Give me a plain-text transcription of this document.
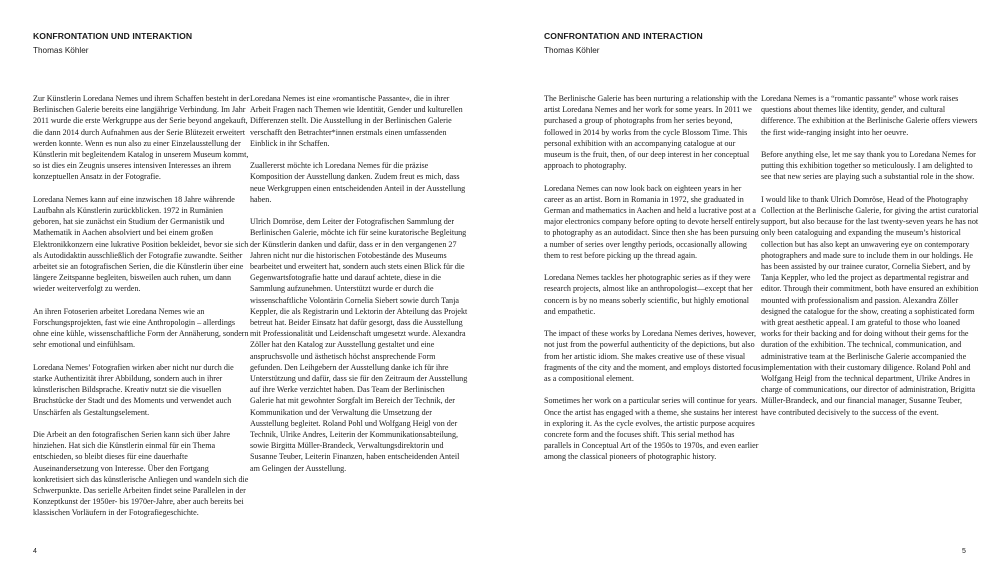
KONFRONTATION UND INTERAKTION
Thomas Köhler

Zur Künstlerin Loredana Nemes und ihrem Schaffen besteht in der Berlinischen Galerie bereits eine langjährige Verbindung. Im Jahr 2011 wurde die erste Werkgruppe aus der Serie beyond angekauft, die dann 2014 durch Aufnahmen aus der Serie Blütezeit erweitert werden konnte. Wenn es nun also zu einer Einzelausstellung der Künstlerin mit begleitendem Katalog in unserem Museum kommt, so ist dies ein Zeugnis unseres intensiven Interesses an ihrem konzeptuellen Ansatz in der Fotografie.

Loredana Nemes kann auf eine inzwischen 18 Jahre währende Laufbahn als Künstlerin zurückblicken. 1972 in Rumänien geboren, hat sie zunächst ein Studium der Germanistik und Mathematik in Aachen absolviert und bei einem großen Elektronikkonzern eine lukrative Position bekleidet, bevor sie sich als Autodidaktin ausschließlich der Fotografie zuwandte. Seither arbeitet sie an fotografischen Serien, die die Künstlerin über eine längere Zeitspanne begleiten, bisweilen auch ruhen, um dann wieder weiterverfolgt zu werden.

An ihren Fotoserien arbeitet Loredana Nemes wie an Forschungsprojekten, fast wie eine Anthropologin – allerdings ohne eine kühle, wissenschaftliche Form der Annäherung, sondern sehr emotional und einfühlsam.

Loredana Nemes’ Fotografien wirken aber nicht nur durch die starke Authentizität ihrer Abbildung, sondern auch in ihrer künstlerischen Bildsprache. Kreativ nutzt sie die visuellen Bruchstücke der Stadt und des Moments und verwendet auch Unschärfen als Gestaltungselement.

Die Arbeit an den fotografischen Serien kann sich über Jahre hinziehen. Hat sich die Künstlerin einmal für ein Thema entschieden, so bleibt dieses für eine dauerhafte Auseinandersetzung von Interesse. Über den Fortgang konkretisiert sich das künstlerische Anliegen und wandeln sich die Schwerpunkte. Das serielle Arbeiten findet seine Parallelen in der Konzeptkunst der 1950er- bis 1970er-Jahre, aber auch bereits bei klassischen Vorläufern in der Fotografiegeschichte.

Loredana Nemes ist eine »romantische Passante«, die in ihrer Arbeit Fragen nach Themen wie Identität, Gender und kulturellen Differenzen stellt. Die Ausstellung in der Berlinischen Galerie verschafft den Betrachter*innen erstmals einen umfassenden Einblick in ihr Schaffen.

Zuallererst möchte ich Loredana Nemes für die präzise Komposition der Ausstellung danken. Zudem freut es mich, dass neue Werkgruppen einen entscheidenden Anteil in der Ausstellung haben.

Ulrich Domröse, dem Leiter der Fotografischen Sammlung der Berlinischen Galerie, möchte ich für seine kuratorische Begleitung der Künstlerin danken und dafür, dass er in den vergangenen 27 Jahren nicht nur die historischen Fotobestände des Museums bearbeitet und erweitert hat, sondern auch stets einen Blick für die Gegenwartsfotografie hatte und darauf achtete, diese in die Sammlung aufzunehmen. Unterstützt wurde er durch die wissenschaftliche Volontärin Cornelia Siebert sowie durch Tanja Keppler, die als Registrarin und Lektorin der Abteilung das Projekt betreut hat. Beider Einsatz hat dafür gesorgt, dass die Ausstellung mit Professionalität und Leidenschaft umgesetzt wurde. Alexandra Zöller hat den Katalog zur Ausstellung gestaltet und eine anspruchsvolle und ästhetisch höchst ansprechende Form gefunden. Den Leihgebern der Ausstellung danke ich für ihre Unterstützung und dafür, dass sie für den Zeitraum der Ausstellung auf ihre Werke verzichtet haben. Das Team der Berlinischen Galerie hat mit gewohnter Sorgfalt im Bereich der Technik, der Kommunikation und der Verwaltung die Umsetzung der Ausstellung begleitet. Roland Pohl und Wolfgang Heigl von der Technik, Ulrike Andres, Leiterin der Kommunikationsabteilung, sowie Birgitta Müller-Brandeck, Verwaltungsdirektorin und Susanne Teuber, Leiterin Finanzen, haben entscheidenden Anteil am Gelingen der Ausstellung.

4
CONFRONTATION AND INTERACTION
Thomas Köhler

The Berlinische Galerie has been nurturing a relationship with the artist Loredana Nemes and her work for some years. In 2011 we purchased a group of photographs from her series beyond, followed in 2014 by works from the cycle Blossom Time. This personal exhibition with an accompanying catalogue at our museum is the fruit, then, of our deep interest in her conceptual approach to photography.

Loredana Nemes can now look back on eighteen years in her career as an artist. Born in Romania in 1972, she graduated in German and mathematics in Aachen and held a lucrative post at a major electronics company before opting to devote herself entirely to photography as an autodidact. Since then she has been pursuing a number of series over lengthy periods, occasionally allowing them to rest before picking up the thread again.

Loredana Nemes tackles her photographic series as if they were research projects, almost like an anthropologist—except that her concern is by no means soberly scientific, but highly emotional and empathetic.

The impact of these works by Loredana Nemes derives, however, not just from the powerful authenticity of the depictions, but also from her artistic idiom. She makes creative use of these visual fragments of the city and the moment, and employs distorted focus as a compositional element.

Sometimes her work on a particular series will continue for years. Once the artist has engaged with a theme, she sustains her interest in exploring it. As the cycle evolves, the artistic purpose acquires concrete form and the focuses shift. This serial method has parallels in Conceptual Art of the 1950s to 1970s, and even earlier among the classical pioneers of photographic history.

Loredana Nemes is a “romantic passante” whose work raises questions about themes like identity, gender, and cultural difference. The exhibition at the Berlinische Galerie offers viewers the first wide-ranging insight into her oeuvre.

Before anything else, let me say thank you to Loredana Nemes for putting this exhibition together so meticulously. I am delighted to see that new series are playing such a substantial role in the show.

I would like to thank Ulrich Domröse, Head of the Photography Collection at the Berlinische Galerie, for giving the artist curatorial support, but also because for the last twenty-seven years he has not only been cataloguing and expanding the museum’s historical collection but has also kept an unwavering eye on contemporary photographers and made sure to include them in our holdings. He has been assisted by our trainee curator, Cornelia Siebert, and by Tanja Keppler, who led the project as departmental registrar and editor. Through their commitment, both have ensured an exhibition mounted with professionalism and passion. Alexandra Zöller designed the catalogue for the show, creating a sophisticated form with great aesthetic appeal. I am grateful to those who loaned works for their backing and for doing without their gems for the duration of the exhibition. The technical, communication, and administrative team at the Berlinische Galerie accompanied the implementation with their customary diligence. Roland Pohl and Wolfgang Heigl from the technical department, Ulrike Andres in charge of communications, our director of administration, Brigitta Müller-Brandeck, and our financial manager, Susanne Teuber, have contributed decisively to the success of the event.

5
